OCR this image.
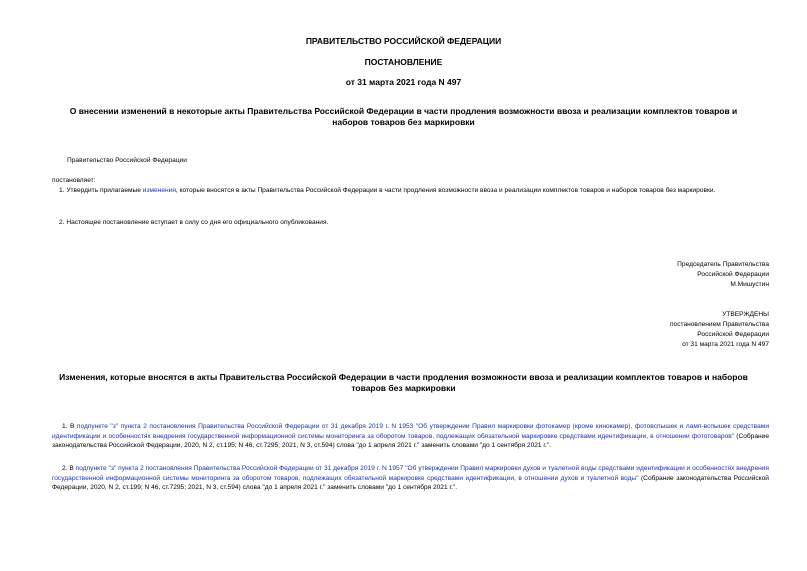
ПРАВИТЕЛЬСТВО РОССИЙСКОЙ ФЕДЕРАЦИИ
ПОСТАНОВЛЕНИЕ
от 31 марта 2021 года N 497
О внесении изменений в некоторые акты Правительства Российской Федерации в части продления возможности ввоза и реализации комплектов товаров и наборов товаров без маркировки
Правительство Российской Федерации
постановляет:
1. Утвердить прилагаемые изменения, которые вносятся в акты Правительства Российской Федерации в части продления возможности ввоза и реализации комплектов товаров и наборов товаров без маркировки.
2. Настоящее постановление вступает в силу со дня его официального опубликования.
Председатель Правительства
Российской Федерации
М.Мишустин
УТВЕРЖДЕНЫ
постановлением Правительства
Российской Федерации
от 31 марта 2021 года N 497
Изменения, которые вносятся в акты Правительства Российской Федерации в части продления возможности ввоза и реализации комплектов товаров и наборов товаров без маркировки
1. В подпункте "з" пункта 2 постановления Правительства Российской Федерации от 31 декабря 2019 г. N 1953 "Об утверждении Правил маркировки фотокамер (кроме кинокамер), фотовспышек и ламп-вспышек средствами идентификации и особенностях внедрения государственной информационной системы мониторинга за оборотом товаров, подлежащих обязательной маркировке средствами идентификации, в отношении фототоваров" (Собрание законодательства Российской Федерации, 2020, N 2, ст.195; N 46, ст.7295; 2021, N 3, ст.594) слова "до 1 апреля 2021 г." заменить словами "до 1 сентября 2021 г.".
2. В подпункте "з" пункта 2 постановления Правительства Российской Федерации от 31 декабря 2019 г. N 1957 "Об утверждении Правил маркировки духов и туалетной воды средствами идентификации и особенностях внедрения государственной информационной системы мониторинга за оборотом товаров, подлежащих обязательной маркировке средствами идентификации, в отношении духов и туалетной воды" (Собрание законодательства Российской Федерации, 2020, N 2, ст.199; N 46, ст.7295; 2021, N 3, ст.594) слова "до 1 апреля 2021 г." заменить словами "до 1 сентября 2021 г.".
